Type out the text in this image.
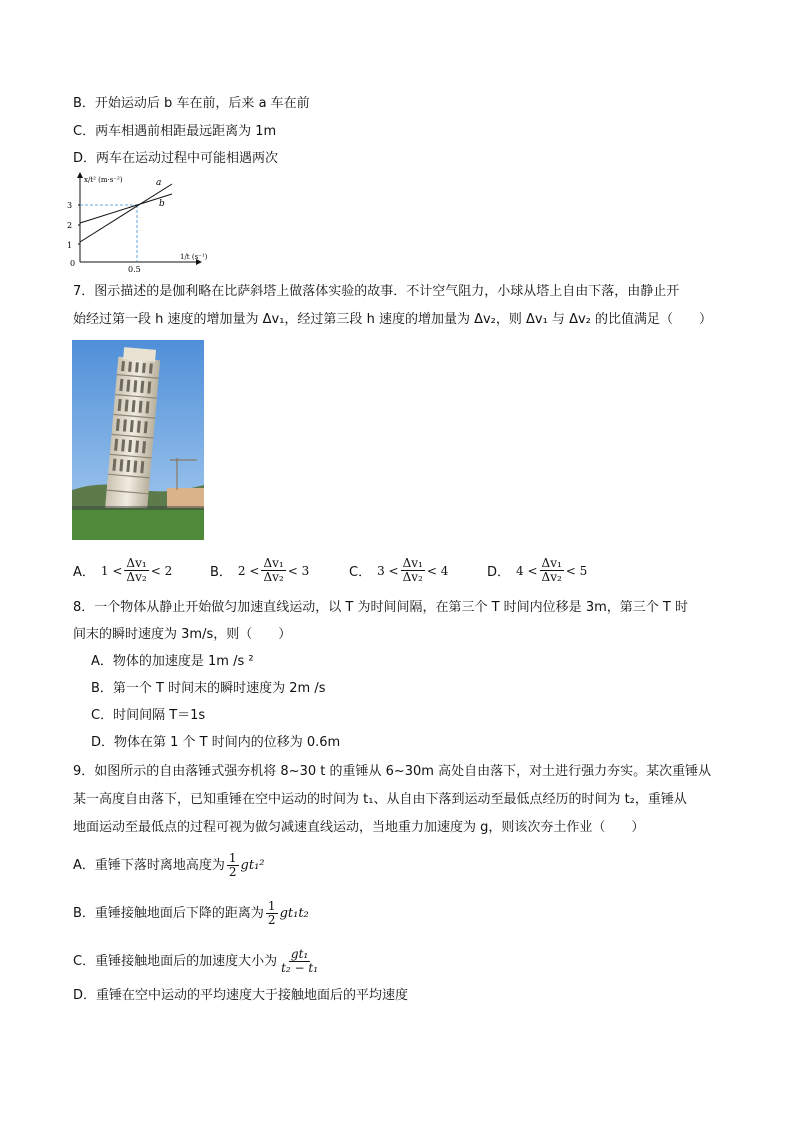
B．开始运动后 b 车在前，后来 a 车在前
C．两车相遇前相距最远距离为 1m
D．两车在运动过程中可能相遇两次
1
2
3
0
0.5
x/t² (m·s⁻²)
1/t (s⁻¹)
a
b
7．图示描述的是伽利略在比萨斜塔上做落体实验的故事．不计空气阻力，小球从塔上自由下落，由静止开
始经过第一段 h 速度的增加量为 Δv₁，经过第三段 h 速度的增加量为 Δv₂，则 Δv₁ 与 Δv₂ 的比值满足（　　）
A． $1 < \frac{\text{Δv₁}}{\text{Δv₂}} < 2$	B． $2 < \frac{\text{Δv₁}}{\text{Δv₂}} < 3$	C． $3 < \frac{\text{Δv₁}}{\text{Δv₂}} < 4$	D． $4 < \frac{\text{Δv₁}}{\text{Δv₂}} < 5$
8．一个物体从静止开始做匀加速直线运动，以 T 为时间间隔，在第三个 T 时间内位移是 3m，第三个 T 时
间末的瞬时速度为 3m/s，则（　　）
A．物体的加速度是 1m /s ²
B．第一个 T 时间末的瞬时速度为 2m /s
C．时间间隔 T＝1s
D．物体在第 1 个 T 时间内的位移为 0.6m
9．如图所示的自由落锤式强夯机将 8~30 t 的重锤从 6~30m 高处自由落下，对土进行强力夯实。某次重锤从
某一高度自由落下，已知重锤在空中运动的时间为 t₁、从自由下落到运动至最低点经历的时间为 t₂，重锤从
地面运动至最低点的过程可视为做匀减速直线运动，当地重力加速度为 g，则该次夯土作业（　　）
A．重锤下落时离地高度为 $\frac{1}{2} gt_1^2$
B．重锤接触地面后下降的距离为 $\frac{1}{2} gt_1t_2$
C．重锤接触地面后的加速度大小为 $\frac{\text{gt₁}}{\text{t₂ − t₁}}$
D．重锤在空中运动的平均速度大于接触地面后的平均速度
